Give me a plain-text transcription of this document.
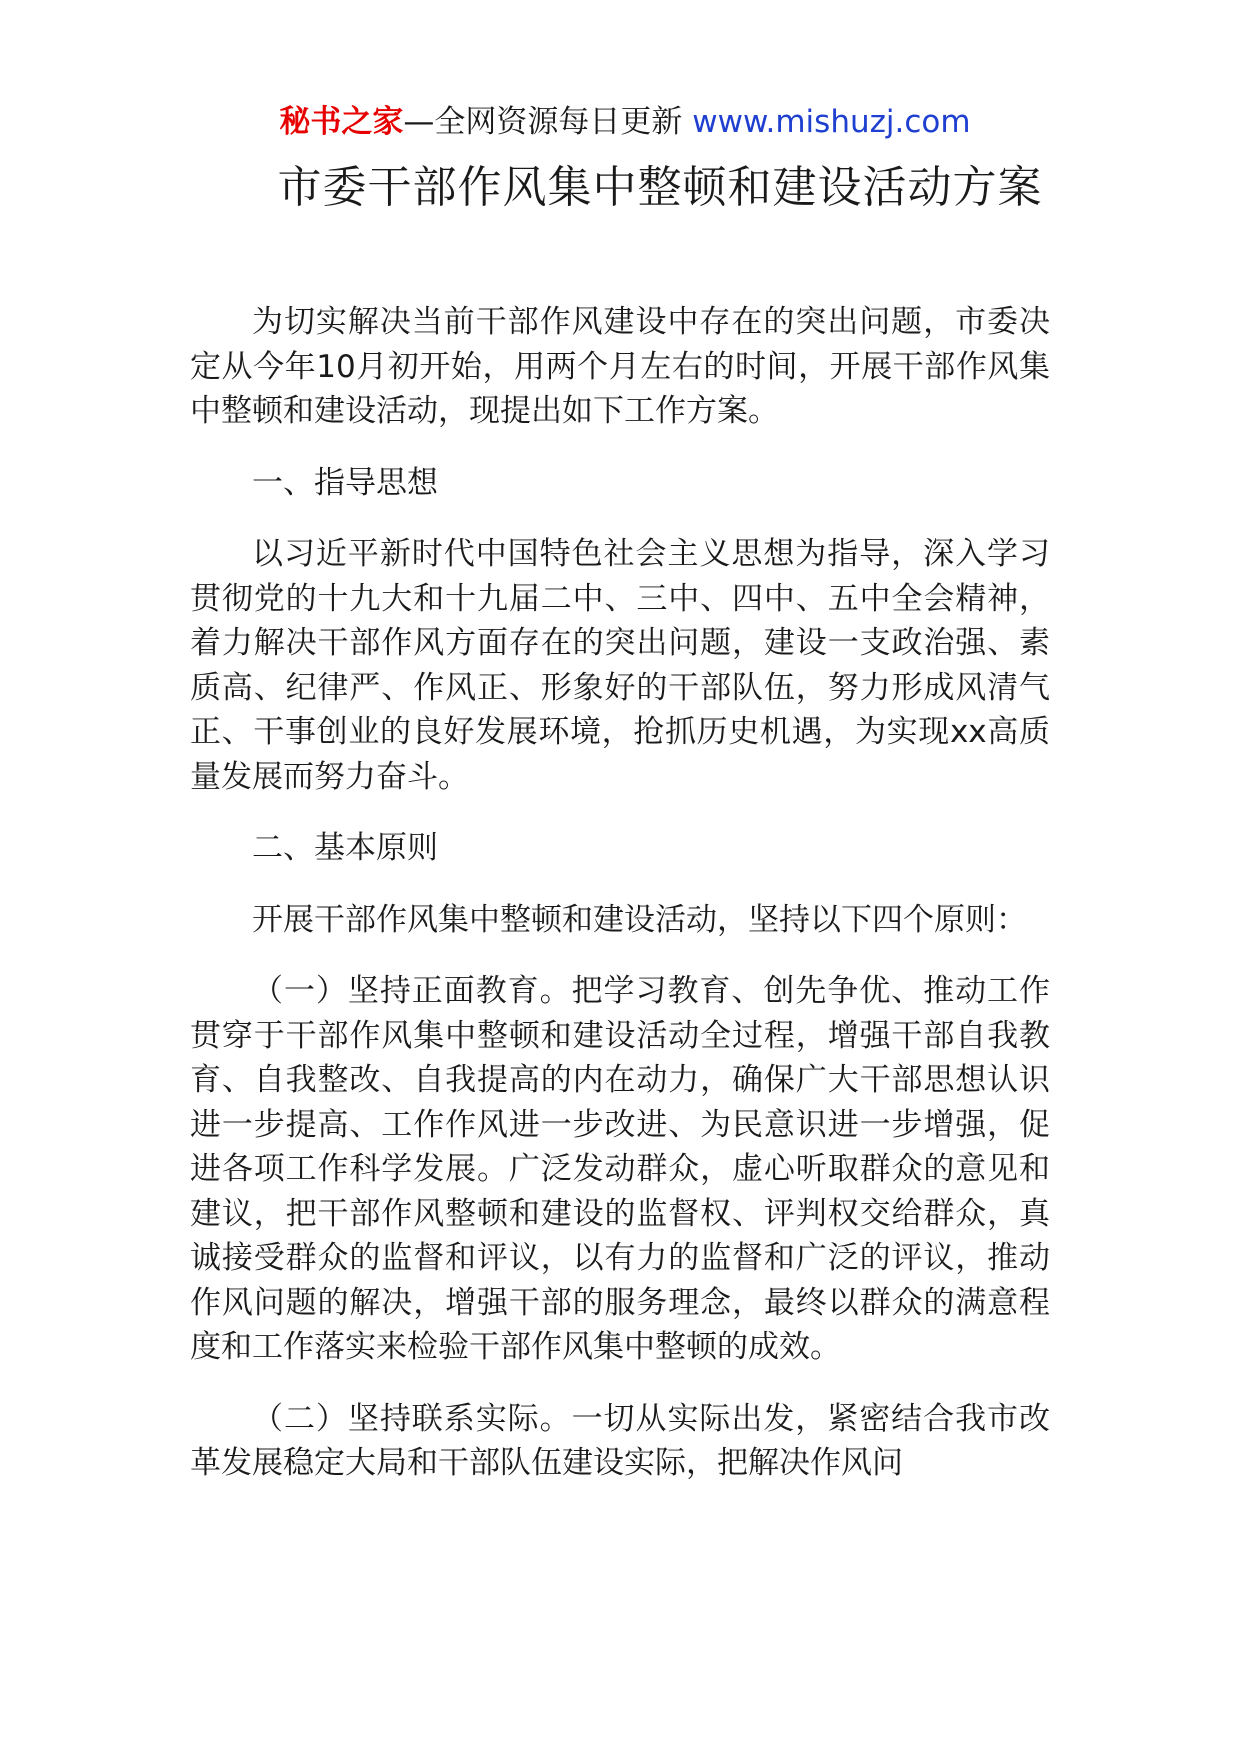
秘书之家—全网资源每日更新 www.mishuzj.com
市委干部作风集中整顿和建设活动方案

为切实解决当前干部作风建设中存在的突出问题，市委决定从今年10月初开始，用两个月左右的时间，开展干部作风集中整顿和建设活动，现提出如下工作方案。

一、指导思想

以习近平新时代中国特色社会主义思想为指导，深入学习贯彻党的十九大和十九届二中、三中、四中、五中全会精神，着力解决干部作风方面存在的突出问题，建设一支政治强、素质高、纪律严、作风正、形象好的干部队伍，努力形成风清气正、干事创业的良好发展环境，抢抓历史机遇，为实现xx高质量发展而努力奋斗。

二、基本原则

开展干部作风集中整顿和建设活动，坚持以下四个原则：

（一）坚持正面教育。把学习教育、创先争优、推动工作贯穿于干部作风集中整顿和建设活动全过程，增强干部自我教育、自我整改、自我提高的内在动力，确保广大干部思想认识进一步提高、工作作风进一步改进、为民意识进一步增强，促进各项工作科学发展。广泛发动群众，虚心听取群众的意见和建议，把干部作风整顿和建设的监督权、评判权交给群众，真诚接受群众的监督和评议，以有力的监督和广泛的评议，推动作风问题的解决，增强干部的服务理念，最终以群众的满意程度和工作落实来检验干部作风集中整顿的成效。

（二）坚持联系实际。一切从实际出发，紧密结合我市改革发展稳定大局和干部队伍建设实际，把解决作风问
